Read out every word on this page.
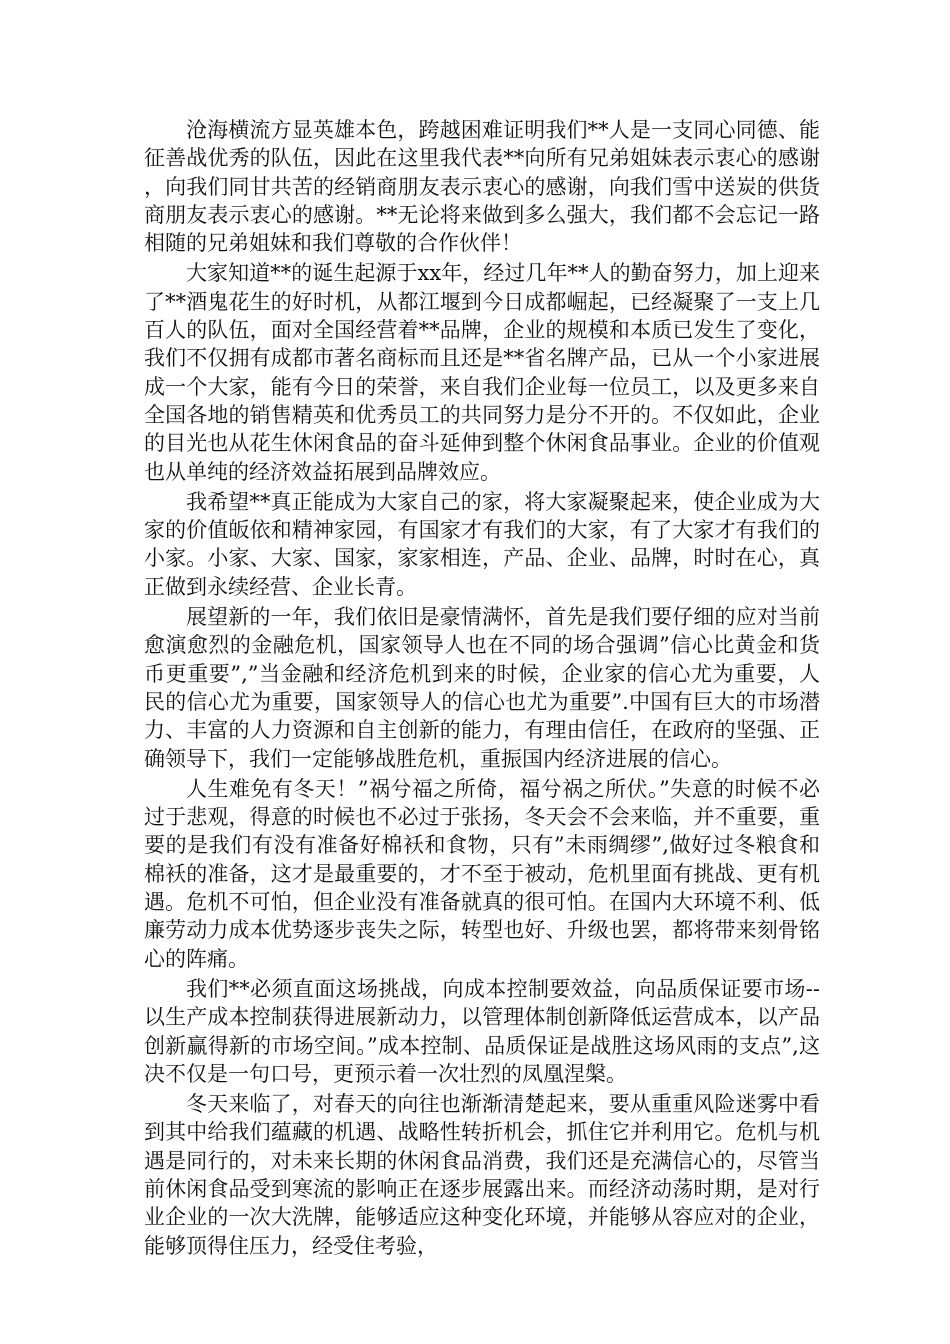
沧海横流方显英雄本色，跨越困难证明我们**人是一支同心同德、能征善战优秀的队伍，因此在这里我代表**向所有兄弟姐妹表示衷心的感谢，向我们同甘共苦的经销商朋友表示衷心的感谢，向我们雪中送炭的供货商朋友表示衷心的感谢。**无论将来做到多么强大，我们都不会忘记一路相随的兄弟姐妹和我们尊敬的合作伙伴！

大家知道**的诞生起源于xx年，经过几年**人的勤奋努力，加上迎来了**酒鬼花生的好时机，从都江堰到今日成都崛起，已经凝聚了一支上几百人的队伍，面对全国经营着**品牌，企业的规模和本质已发生了变化，我们不仅拥有成都市著名商标而且还是**省名牌产品，已从一个小家进展成一个大家，能有今日的荣誉，来自我们企业每一位员工，以及更多来自全国各地的销售精英和优秀员工的共同努力是分不开的。不仅如此，企业的目光也从花生休闲食品的奋斗延伸到整个休闲食品事业。企业的价值观也从单纯的经济效益拓展到品牌效应。

我希望**真正能成为大家自己的家，将大家凝聚起来，使企业成为大家的价值皈依和精神家园，有国家才有我们的大家，有了大家才有我们的小家。小家、大家、国家，家家相连，产品、企业、品牌，时时在心，真正做到永续经营、企业长青。

展望新的一年，我们依旧是豪情满怀，首先是我们要仔细的应对当前愈演愈烈的金融危机，国家领导人也在不同的场合强调”信心比黄金和货币更重要”,”当金融和经济危机到来的时候，企业家的信心尤为重要，人民的信心尤为重要，国家领导人的信心也尤为重要”.中国有巨大的市场潜力、丰富的人力资源和自主创新的能力，有理由信任，在政府的坚强、正确领导下，我们一定能够战胜危机，重振国内经济进展的信心。

人生难免有冬天！”祸兮福之所倚，福兮祸之所伏。”失意的时候不必过于悲观，得意的时候也不必过于张扬，冬天会不会来临，并不重要，重要的是我们有没有准备好棉袄和食物，只有”未雨绸缪”,做好过冬粮食和棉袄的准备，这才是最重要的，才不至于被动，危机里面有挑战、更有机遇。危机不可怕，但企业没有准备就真的很可怕。在国内大环境不利、低廉劳动力成本优势逐步丧失之际，转型也好、升级也罢，都将带来刻骨铭心的阵痛。

我们**必须直面这场挑战，向成本控制要效益，向品质保证要市场--以生产成本控制获得进展新动力，以管理体制创新降低运营成本，以产品创新赢得新的市场空间。”成本控制、品质保证是战胜这场风雨的支点”,这决不仅是一句口号，更预示着一次壮烈的凤凰涅槃。

冬天来临了，对春天的向往也渐渐清楚起来，要从重重风险迷雾中看到其中给我们蕴藏的机遇、战略性转折机会，抓住它并利用它。危机与机遇是同行的，对未来长期的休闲食品消费，我们还是充满信心的，尽管当前休闲食品受到寒流的影响正在逐步展露出来。而经济动荡时期，是对行业企业的一次大洗牌，能够适应这种变化环境，并能够从容应对的企业，能够顶得住压力，经受住考验，
